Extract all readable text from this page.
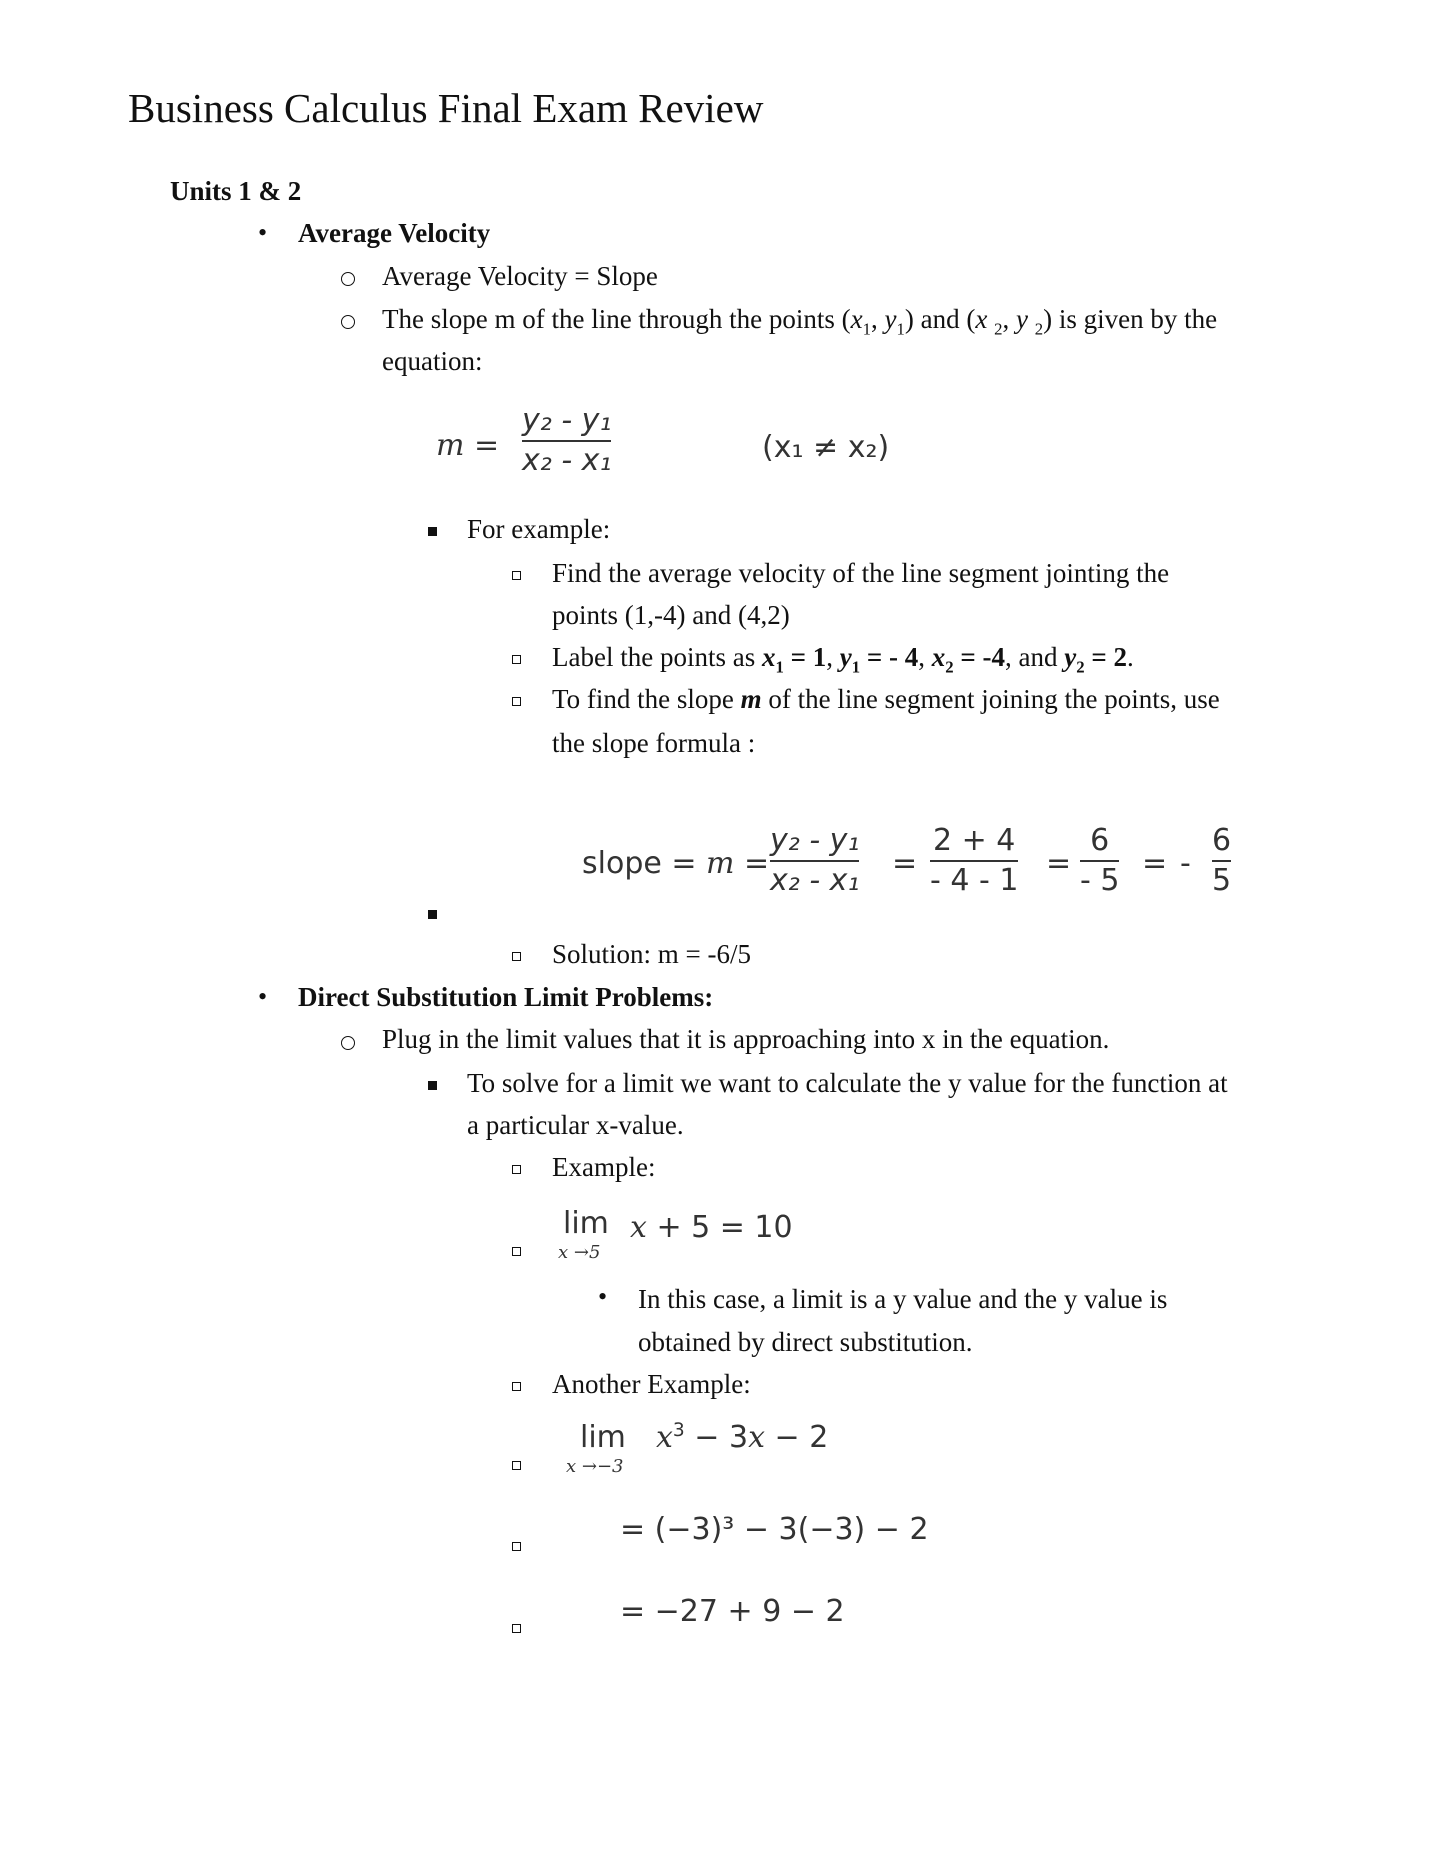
Business Calculus Final Exam Review
Units 1 & 2
• Average Velocity
Average Velocity = Slope
The slope m of the line through the points ($x_1$, $y_1$) and (x $_2$, y $_2$) is given by the
equation:
m =
y₂ - y₁
x₂ - x₁	(x₁ ≠ x₂)
For example:
Find the average velocity of the line segment jointing the
points (1,-4) and (4,2)
Label the points as $x_1 = 1$, $y_1$ = - 4, $x_2 = -4$, and $y_2 = 2$.
To find the slope m of the line segment joining the points, use
the slope formula :
slope = m =
y₂ - y₁
x₂ - x₁ =
2 + 4
- 4 - 1 =
6
- 5 = -
6
5
Solution: m = -6/5
• Direct Substitution Limit Problems:
Plug in the limit values that it is approaching into x in the equation.
To solve for a limit we want to calculate the y value for the function at
a particular x-value.
Example:
lim
x →5
x + 5 = 10
• In this case, a limit is a y value and the y value is
obtained by direct substitution.
Another Example:
lim
x →−3
$x^3 - 3x - 2$
= (−3)³ − 3(−3) − 2
= −27 + 9 − 2
